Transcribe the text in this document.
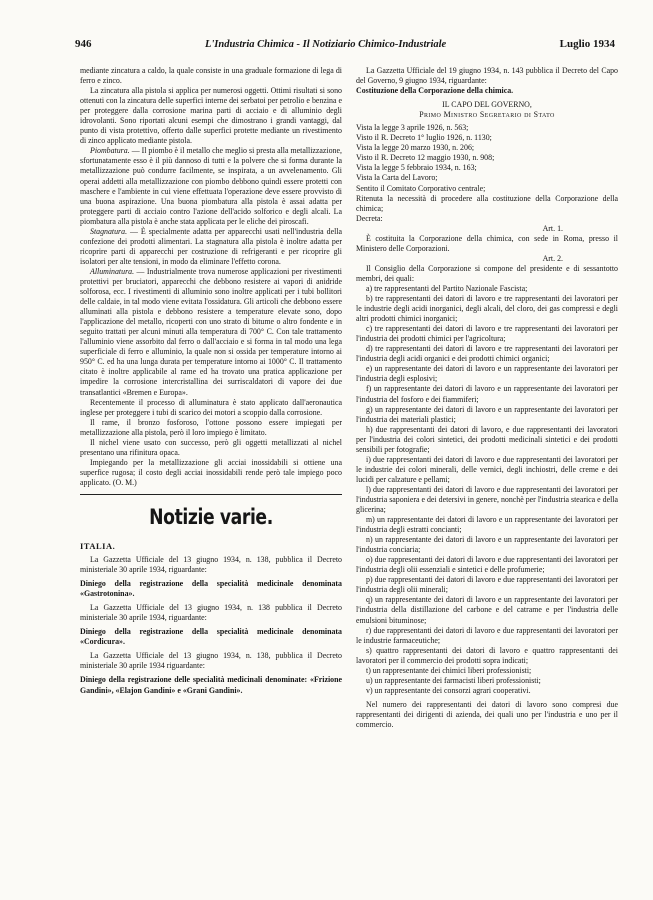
946	L'Industria Chimica - Il Notiziario Chimico-Industriale	Luglio 1934

mediante zincatura a caldo, la quale consiste in una graduale formazione di lega di ferro e zinco.

La zincatura alla pistola si applica per numerosi oggetti. Ottimi risultati si sono ottenuti con la zincatura delle superfici interne dei serbatoi per petrolio e benzina e per proteggere dalla corrosione marina parti di acciaio e di alluminio degli idrovolanti. Sono riportati alcuni esempi che dimostrano i grandi vantaggi, dal punto di vista protettivo, offerto dalle superfici protette mediante un rivestimento di zinco applicato mediante pistola.

Piombatura. — Il piombo è il metallo che meglio si presta alla metallizzazione, sfortunatamente esso è il più dannoso di tutti e la polvere che si forma durante la metallizzazione può condurre facilmente, se inspirata, a un avvelenamento. Gli operai addetti alla metallizzazione con piombo debbono quindi essere protetti con maschere e l'ambiente in cui viene effettuata l'operazione deve essere provvisto di una buona aspirazione. Una buona piombatura alla pistola è assai adatta per proteggere parti di acciaio contro l'azione dell'acido solforico e degli alcali. La piombatura alla pistola è anche stata applicata per le eliche dei piroscafi.

Stagnatura. — È specialmente adatta per apparecchi usati nell'industria della confezione dei prodotti alimentari. La stagnatura alla pistola è inoltre adatta per ricoprire parti di apparecchi per costruzione di refrigeranti e per ricoprire gli isolatori per alte tensioni, in modo da eliminare l'effetto corona.

Alluminatura. — Industrialmente trova numerose applicazioni per rivestimenti protettivi per bruciatori, apparecchi che debbono resistere ai vapori di anidride solforosa, ecc. I rivestimenti di alluminio sono inoltre applicati per i tubi bollitori delle caldaie, in tal modo viene evitata l'ossidatura. Gli articoli che debbono essere alluminati alla pistola e debbono resistere a temperature elevate sono, dopo l'applicazione del metallo, ricoperti con uno strato di bitume o altro fondente e in seguito trattati per alcuni minuti alla temperatura di 700° C. Con tale trattamento l'alluminio viene assorbito dal ferro o dall'acciaio e si forma in tal modo una lega superficiale di ferro e alluminio, la quale non si ossida per temperature intorno ai 950° C. ed ha una lunga durata per temperature intorno ai 1000° C. Il trattamento citato è inoltre applicabile al rame ed ha trovato una pratica applicazione per impedire la corrosione intercristallina dei surriscaldatori di vapore dei due transatlantici «Bremen e Europa».

Recentemente il processo di alluminatura è stato applicato dall'aeronautica inglese per proteggere i tubi di scarico dei motori a scoppio dalla corrosione.

Il rame, il bronzo fosforoso, l'ottone possono essere impiegati per metallizzazione alla pistola, però il loro impiego è limitato.

Il nichel viene usato con successo, però gli oggetti metallizzati al nichel presentano una rifinitura opaca.

Impiegando per la metallizzazione gli acciai inossidabili si ottiene una superfice rugosa; il costo degli acciai inossidabili rende però tale impiego poco applicato. (O. M.)

Notizie varie.
ITALIA.

La Gazzetta Ufficiale del 13 giugno 1934, n. 138, pubblica il Decreto ministeriale 30 aprile 1934, riguardante:

Diniego della registrazione della specialità medicinale denominata «Gastrotonina».

La Gazzetta Ufficiale del 13 giugno 1934, n. 138 pubblica il Decreto ministeriale 30 aprile 1934, riguardante:

Diniego della registrazione della specialità medicinale denominata «Cordicura».

La Gazzetta Ufficiale del 13 giugno 1934, n. 138, pubblica il Decreto ministeriale 30 aprile 1934 riguardante:

Diniego della registrazione delle specialità medicinali denominate: «Frizione Gandini», «Elajon Gandini» e «Grani Gandini».

La Gazzetta Ufficiale del 19 giugno 1934, n. 143 pubblica il Decreto del Capo del Governo, 9 giugno 1934, riguardante:

Costituzione della Corporazione della chimica.

IL CAPO DEL GOVERNO,

Primo Ministro Segretario di Stato

Vista la legge 3 aprile 1926, n. 563;

Visto il R. Decreto 1° luglio 1926, n. 1130;

Vista la legge 20 marzo 1930, n. 206;

Visto il R. Decreto 12 maggio 1930, n. 908;

Vista la legge 5 febbraio 1934, n. 163;

Vista la Carta del Lavoro;

Sentito il Comitato Corporativo centrale;

Ritenuta la necessità di procedere alla costituzione della Corporazione della chimica;

Decreta:

Art. 1.

È costituita la Corporazione della chimica, con sede in Roma, presso il Ministero delle Corporazioni.

Art. 2.

Il Consiglio della Corporazione si compone del presidente e di sessantotto membri, dei quali:

a) tre rappresentanti del Partito Nazionale Fascista;

b) tre rappresentanti dei datori di lavoro e tre rappresentanti dei lavoratori per le industrie degli acidi inorganici, degli alcali, del cloro, dei gas compressi e degli altri prodotti chimici inorganici;

c) tre rappresentanti dei datori di lavoro e tre rappresentanti dei lavoratori per l'industria dei prodotti chimici per l'agricoltura;

d) tre rappresentanti dei datori di lavoro e tre rappresentanti dei lavoratori per l'industria degli acidi organici e dei prodotti chimici organici;

e) un rappresentante dei datori di lavoro e un rappresentante dei lavoratori per l'industria degli esplosivi;

f) un rappresentante dei datori di lavoro e un rappresentante dei lavoratori per l'industria del fosforo e dei fiammiferi;

g) un rappresentante dei datori di lavoro e un rappresentante dei lavoratori per l'industria dei materiali plastici;

h) due rappresentanti dei datori di lavoro, e due rappresentanti dei lavoratori per l'industria dei colori sintetici, dei prodotti medicinali sintetici e dei prodotti sensibili per fotografie;

i) due rappresentanti dei datori di lavoro e due rappresentanti dei lavoratori per le industrie dei colori minerali, delle vernici, degli inchiostri, delle creme e dei lucidi per calzature e pellami;

l) due rappresentanti dei datori di lavoro e due rappresentanti dei lavoratori per l'industria saponiera e dei detersivi in genere, nonchè per l'industria stearica e della glicerina;

m) un rappresentante dei datori di lavoro e un rappresentante dei lavoratori per l'industria degli estratti concianti;

n) un rappresentante dei datori di lavoro e un rappresentante dei lavoratori per l'industria conciaria;

o) due rappresentanti dei datori di lavoro e due rappresentanti dei lavoratori per l'industria degli olii essenziali e sintetici e delle profumerie;

p) due rappresentanti dei datori di lavoro e due rappresentanti dei lavoratori per l'industria degli olii minerali;

q) un rappresentante dei datori di lavoro e un rappresentante dei lavoratori per l'industria della distillazione del carbone e del catrame e per l'industria delle emulsioni bituminose;

r) due rappresentanti dei datori di lavoro e due rappresentanti dei lavoratori per le industrie farmaceutiche;

s) quattro rappresentanti dei datori di lavoro e quattro rappresentanti dei lavoratori per il commercio dei prodotti sopra indicati;

t) un rappresentante dei chimici liberi professionisti;

u) un rappresentante dei farmacisti liberi professionisti;

v) un rappresentante dei consorzi agrari cooperativi.

Nel numero dei rappresentanti dei datori di lavoro sono compresi due rappresentanti dei dirigenti di azienda, dei quali uno per l'industria e uno per il commercio.
